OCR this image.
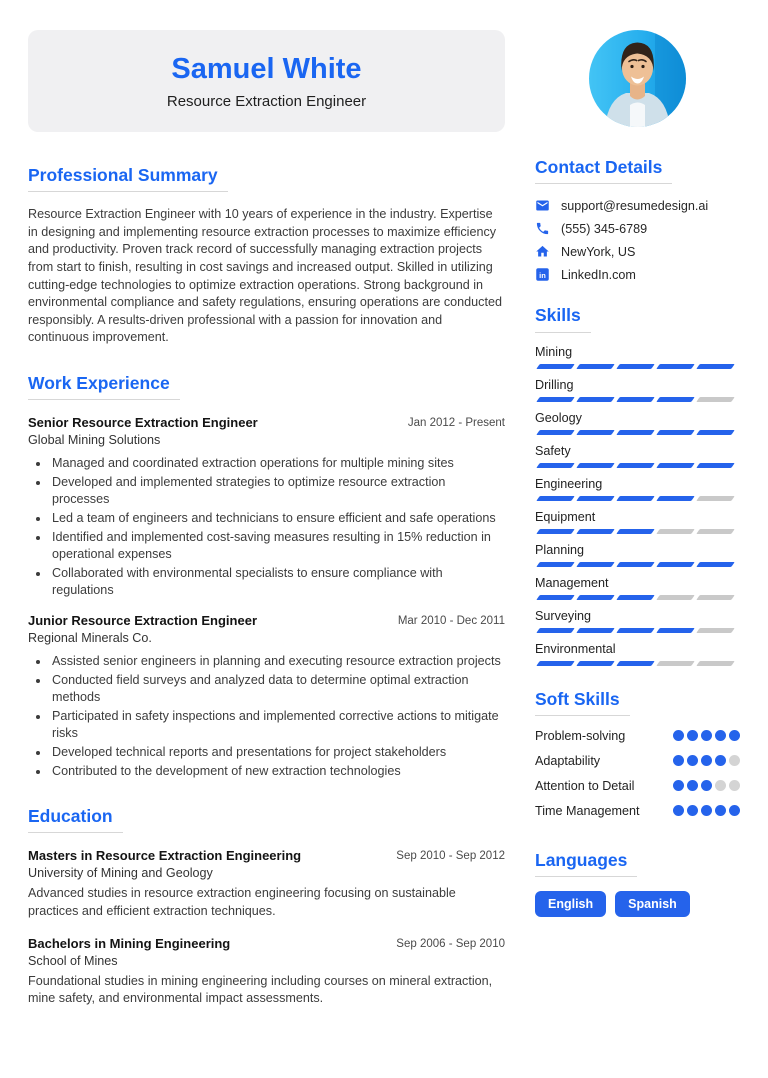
Samuel White
Resource Extraction Engineer
Professional Summary

Resource Extraction Engineer with 10 years of experience in the industry. Expertise in designing and implementing resource extraction processes to maximize efficiency and productivity. Proven track record of successfully managing extraction projects from start to finish, resulting in cost savings and increased output. Skilled in utilizing cutting-edge technologies to optimize extraction operations. Strong background in environmental compliance and safety regulations, ensuring operations are conducted responsibly. A results-driven professional with a passion for innovation and continuous improvement.

Work Experience
Senior Resource Extraction Engineer	Jan 2012 - Present
Global Mining Solutions
• Managed and coordinated extraction operations for multiple mining sites
• Developed and implemented strategies to optimize resource extraction processes
• Led a team of engineers and technicians to ensure efficient and safe operations
• Identified and implemented cost-saving measures resulting in 15% reduction in operational expenses
• Collaborated with environmental specialists to ensure compliance with regulations
Junior Resource Extraction Engineer	Mar 2010 - Dec 2011
Regional Minerals Co.
• Assisted senior engineers in planning and executing resource extraction projects
• Conducted field surveys and analyzed data to determine optimal extraction methods
• Participated in safety inspections and implemented corrective actions to mitigate risks
• Developed technical reports and presentations for project stakeholders
• Contributed to the development of new extraction technologies
Education
Masters in Resource Extraction Engineering	Sep 2010 - Sep 2012
University of Mining and Geology

Advanced studies in resource extraction engineering focusing on sustainable practices and efficient extraction techniques.

Bachelors in Mining Engineering	Sep 2006 - Sep 2010
School of Mines

Foundational studies in mining engineering including courses on mineral extraction, mine safety, and environmental impact assessments.

Contact Details
support@resumedesign.ai
(555) 345-6789
NewYork, US
in LinkedIn.com
Skills
Mining
Drilling
Geology
Safety
Engineering
Equipment
Planning
Management
Surveying
Environmental
Soft Skills
Problem-solving
Adaptability
Attention to Detail
Time Management
Languages
English	Spanish
